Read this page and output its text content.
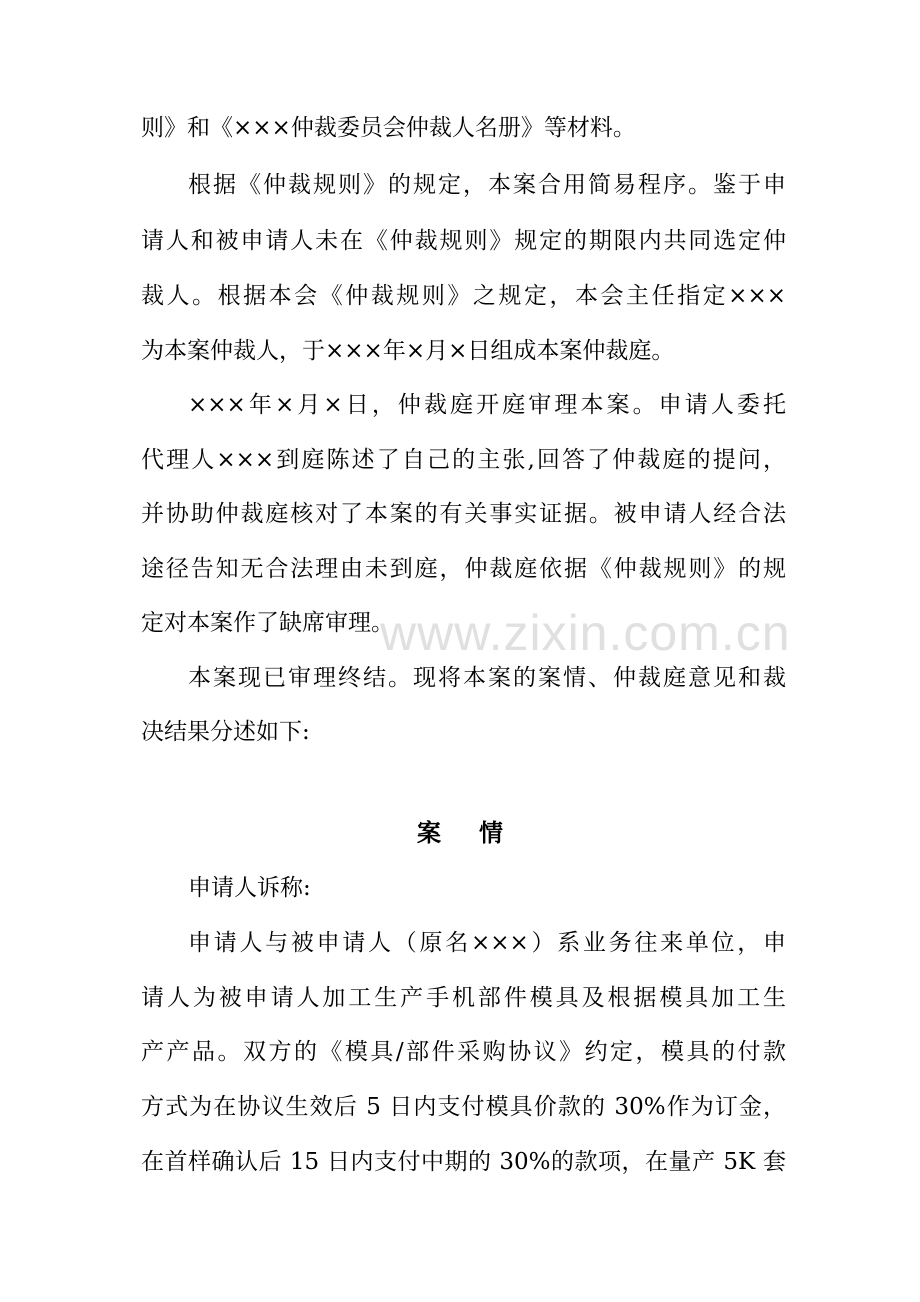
www.zixin.com.cn
则》和《×××仲裁委员会仲裁人名册》等材料。
根据《仲裁规则》的规定，本案合用简易程序。鉴于申
请人和被申请人未在《仲裁规则》规定的期限内共同选定仲
裁人。根据本会《仲裁规则》之规定，本会主任指定×××
为本案仲裁人，于×××年×月×日组成本案仲裁庭。
×××年×月×日，仲裁庭开庭审理本案。申请人委托
代理人×××到庭陈述了自己的主张,回答了仲裁庭的提问，
并协助仲裁庭核对了本案的有关事实证据。被申请人经合法
途径告知无合法理由未到庭，仲裁庭依据《仲裁规则》的规
定对本案作了缺席审理。
本案现已审理终结。现将本案的案情、仲裁庭意见和裁
决结果分述如下:
案情
申请人诉称:
申请人与被申请人（原名×××）系业务往来单位，申
请人为被申请人加工生产手机部件模具及根据模具加工生
产产品。双方的《模具/部件采购协议》约定，模具的付款
方式为在协议生效后 5 日内支付模具价款的 30%作为订金，
在首样确认后 15 日内支付中期的 30%的款项，在量产 5K 套
